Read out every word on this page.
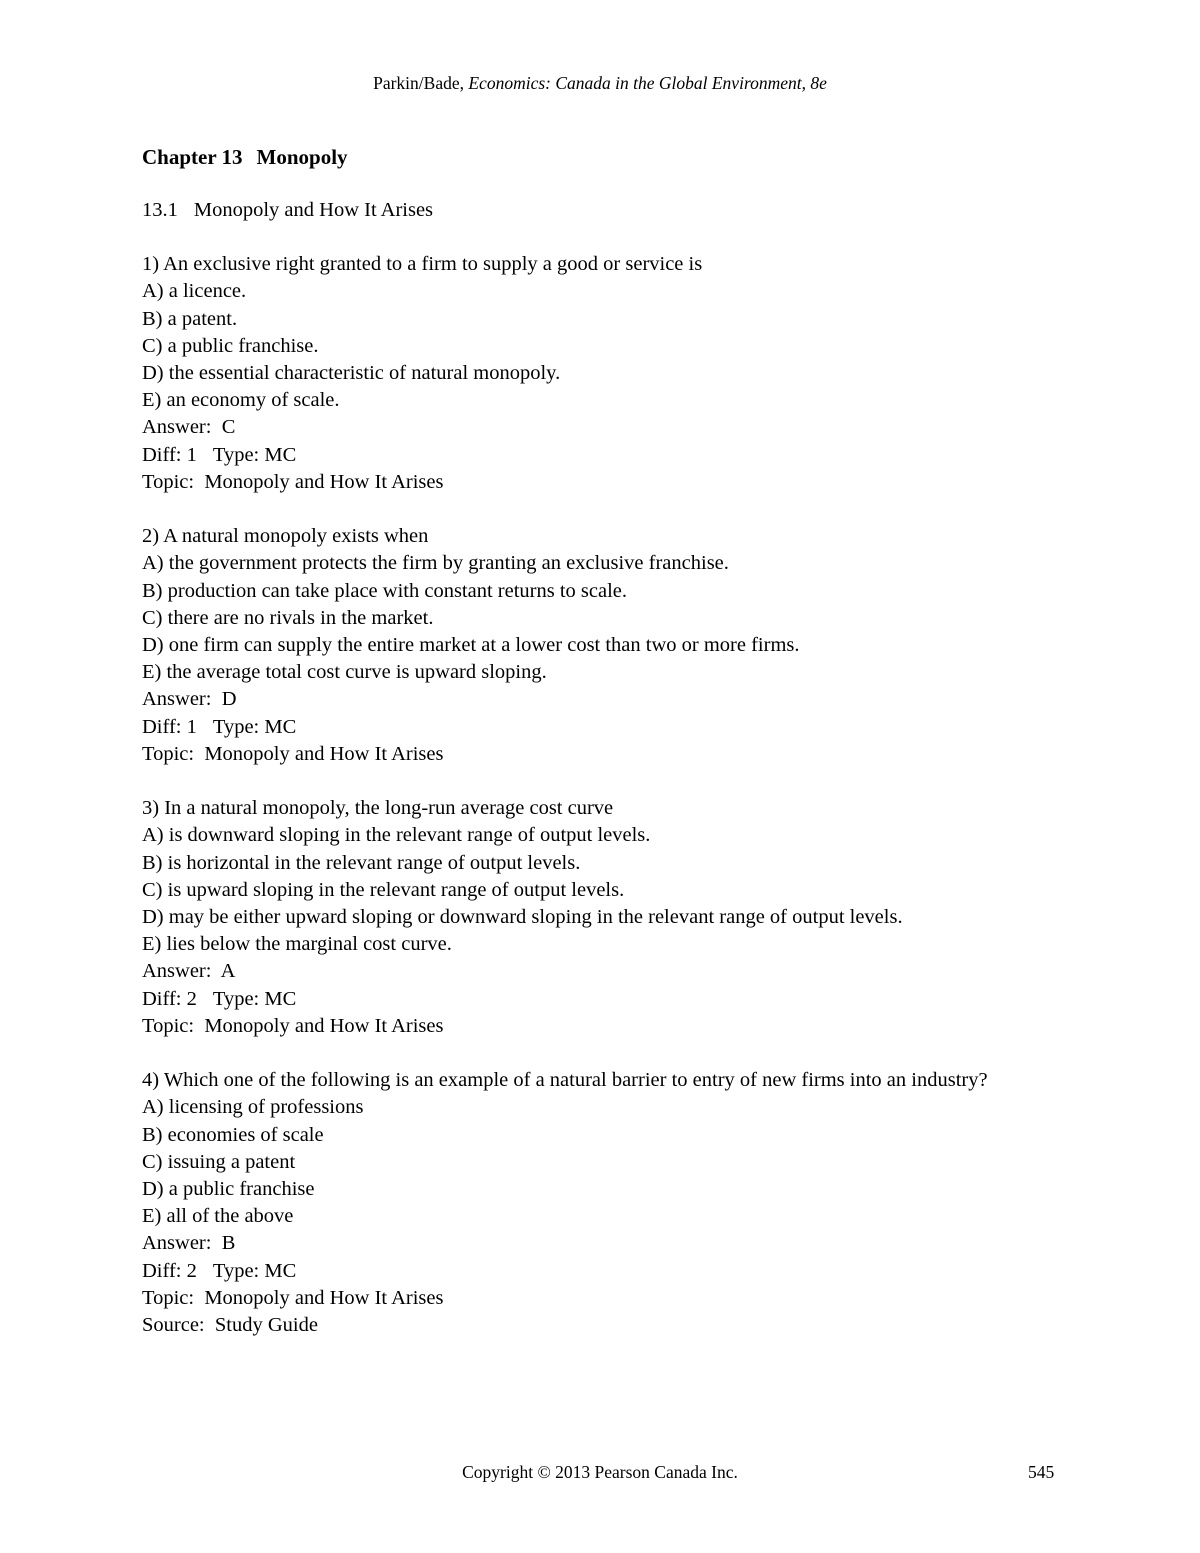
Parkin/Bade, Economics: Canada in the Global Environment, 8e
Chapter 13 Monopoly
13.1 Monopoly and How It Arises
1) An exclusive right granted to a firm to supply a good or service is
A) a licence.
B) a patent.
C) a public franchise.
D) the essential characteristic of natural monopoly.
E) an economy of scale.
Answer:  C
Diff: 1 Type: MC
Topic:  Monopoly and How It Arises
2) A natural monopoly exists when
A) the government protects the firm by granting an exclusive franchise.
B) production can take place with constant returns to scale.
C) there are no rivals in the market.
D) one firm can supply the entire market at a lower cost than two or more firms.
E) the average total cost curve is upward sloping.
Answer:  D
Diff: 1 Type: MC
Topic:  Monopoly and How It Arises
3) In a natural monopoly, the long-run average cost curve
A) is downward sloping in the relevant range of output levels.
B) is horizontal in the relevant range of output levels.
C) is upward sloping in the relevant range of output levels.
D) may be either upward sloping or downward sloping in the relevant range of output levels.
E) lies below the marginal cost curve.
Answer:  A
Diff: 2 Type: MC
Topic:  Monopoly and How It Arises
4) Which one of the following is an example of a natural barrier to entry of new firms into an industry?
A) licensing of professions
B) economies of scale
C) issuing a patent
D) a public franchise
E) all of the above
Answer:  B
Diff: 2 Type: MC
Topic:  Monopoly and How It Arises
Source:  Study Guide
Copyright © 2013 Pearson Canada Inc.	545
